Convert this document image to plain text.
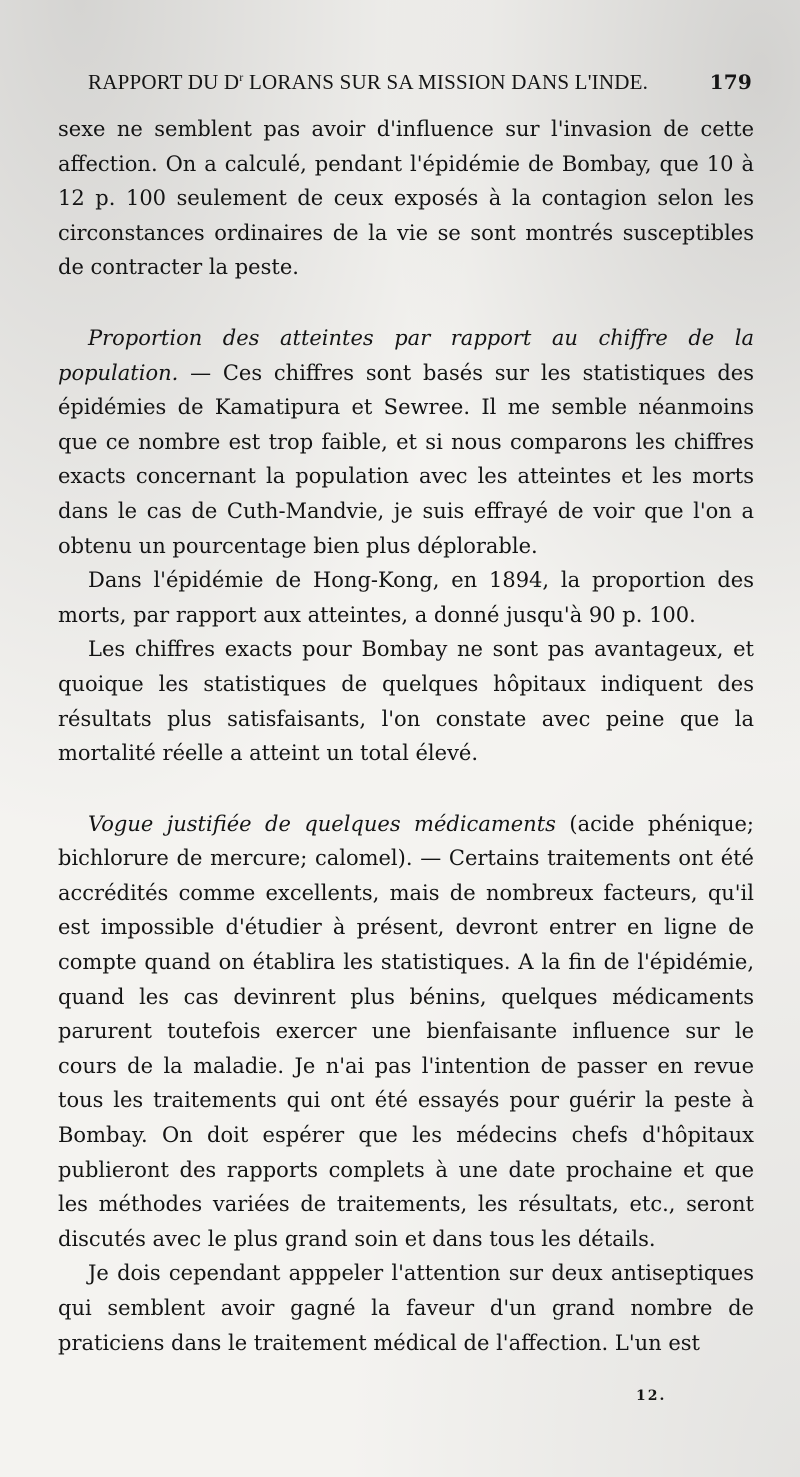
RAPPORT DU $D^r$ LORANS SUR SA MISSION DANS L'INDE.	179

sexe ne semblent pas avoir d'influence sur l'invasion de cette affection. On a calculé, pendant l'épidémie de Bombay, que 10 à 12 p. 100 seulement de ceux exposés à la contagion selon les circonstances ordinaires de la vie se sont montrés susceptibles de contracter la peste.

Proportion des atteintes par rapport au chiffre de la population. — Ces chiffres sont basés sur les statistiques des épidémies de Kamatipura et Sewree. Il me semble néanmoins que ce nombre est trop faible, et si nous comparons les chiffres exacts concernant la population avec les atteintes et les morts dans le cas de Cuth-Mandvie, je suis effrayé de voir que l'on a obtenu un pourcentage bien plus déplorable.

Dans l'épidémie de Hong-Kong, en 1894, la proportion des morts, par rapport aux atteintes, a donné jusqu'à 90 p. 100.

Les chiffres exacts pour Bombay ne sont pas avantageux, et quoique les statistiques de quelques hôpitaux indiquent des résultats plus satisfaisants, l'on constate avec peine que la mortalité réelle a atteint un total élevé.

Vogue justifiée de quelques médicaments (acide phénique; bichlorure de mercure; calomel). — Certains traitements ont été accrédités comme excellents, mais de nombreux facteurs, qu'il est impossible d'étudier à présent, devront entrer en ligne de compte quand on établira les statistiques. A la fin de l'épidémie, quand les cas devinrent plus bénins, quelques médicaments parurent toutefois exercer une bienfaisante influence sur le cours de la maladie. Je n'ai pas l'intention de passer en revue tous les traitements qui ont été essayés pour guérir la peste à Bombay. On doit espérer que les médecins chefs d'hôpitaux publieront des rapports complets à une date prochaine et que les méthodes variées de traitements, les résultats, etc., seront discutés avec le plus grand soin et dans tous les détails.

Je dois cependant apppeler l'attention sur deux antiseptiques qui semblent avoir gagné la faveur d'un grand nombre de praticiens dans le traitement médical de l'affection. L'un est

12.
